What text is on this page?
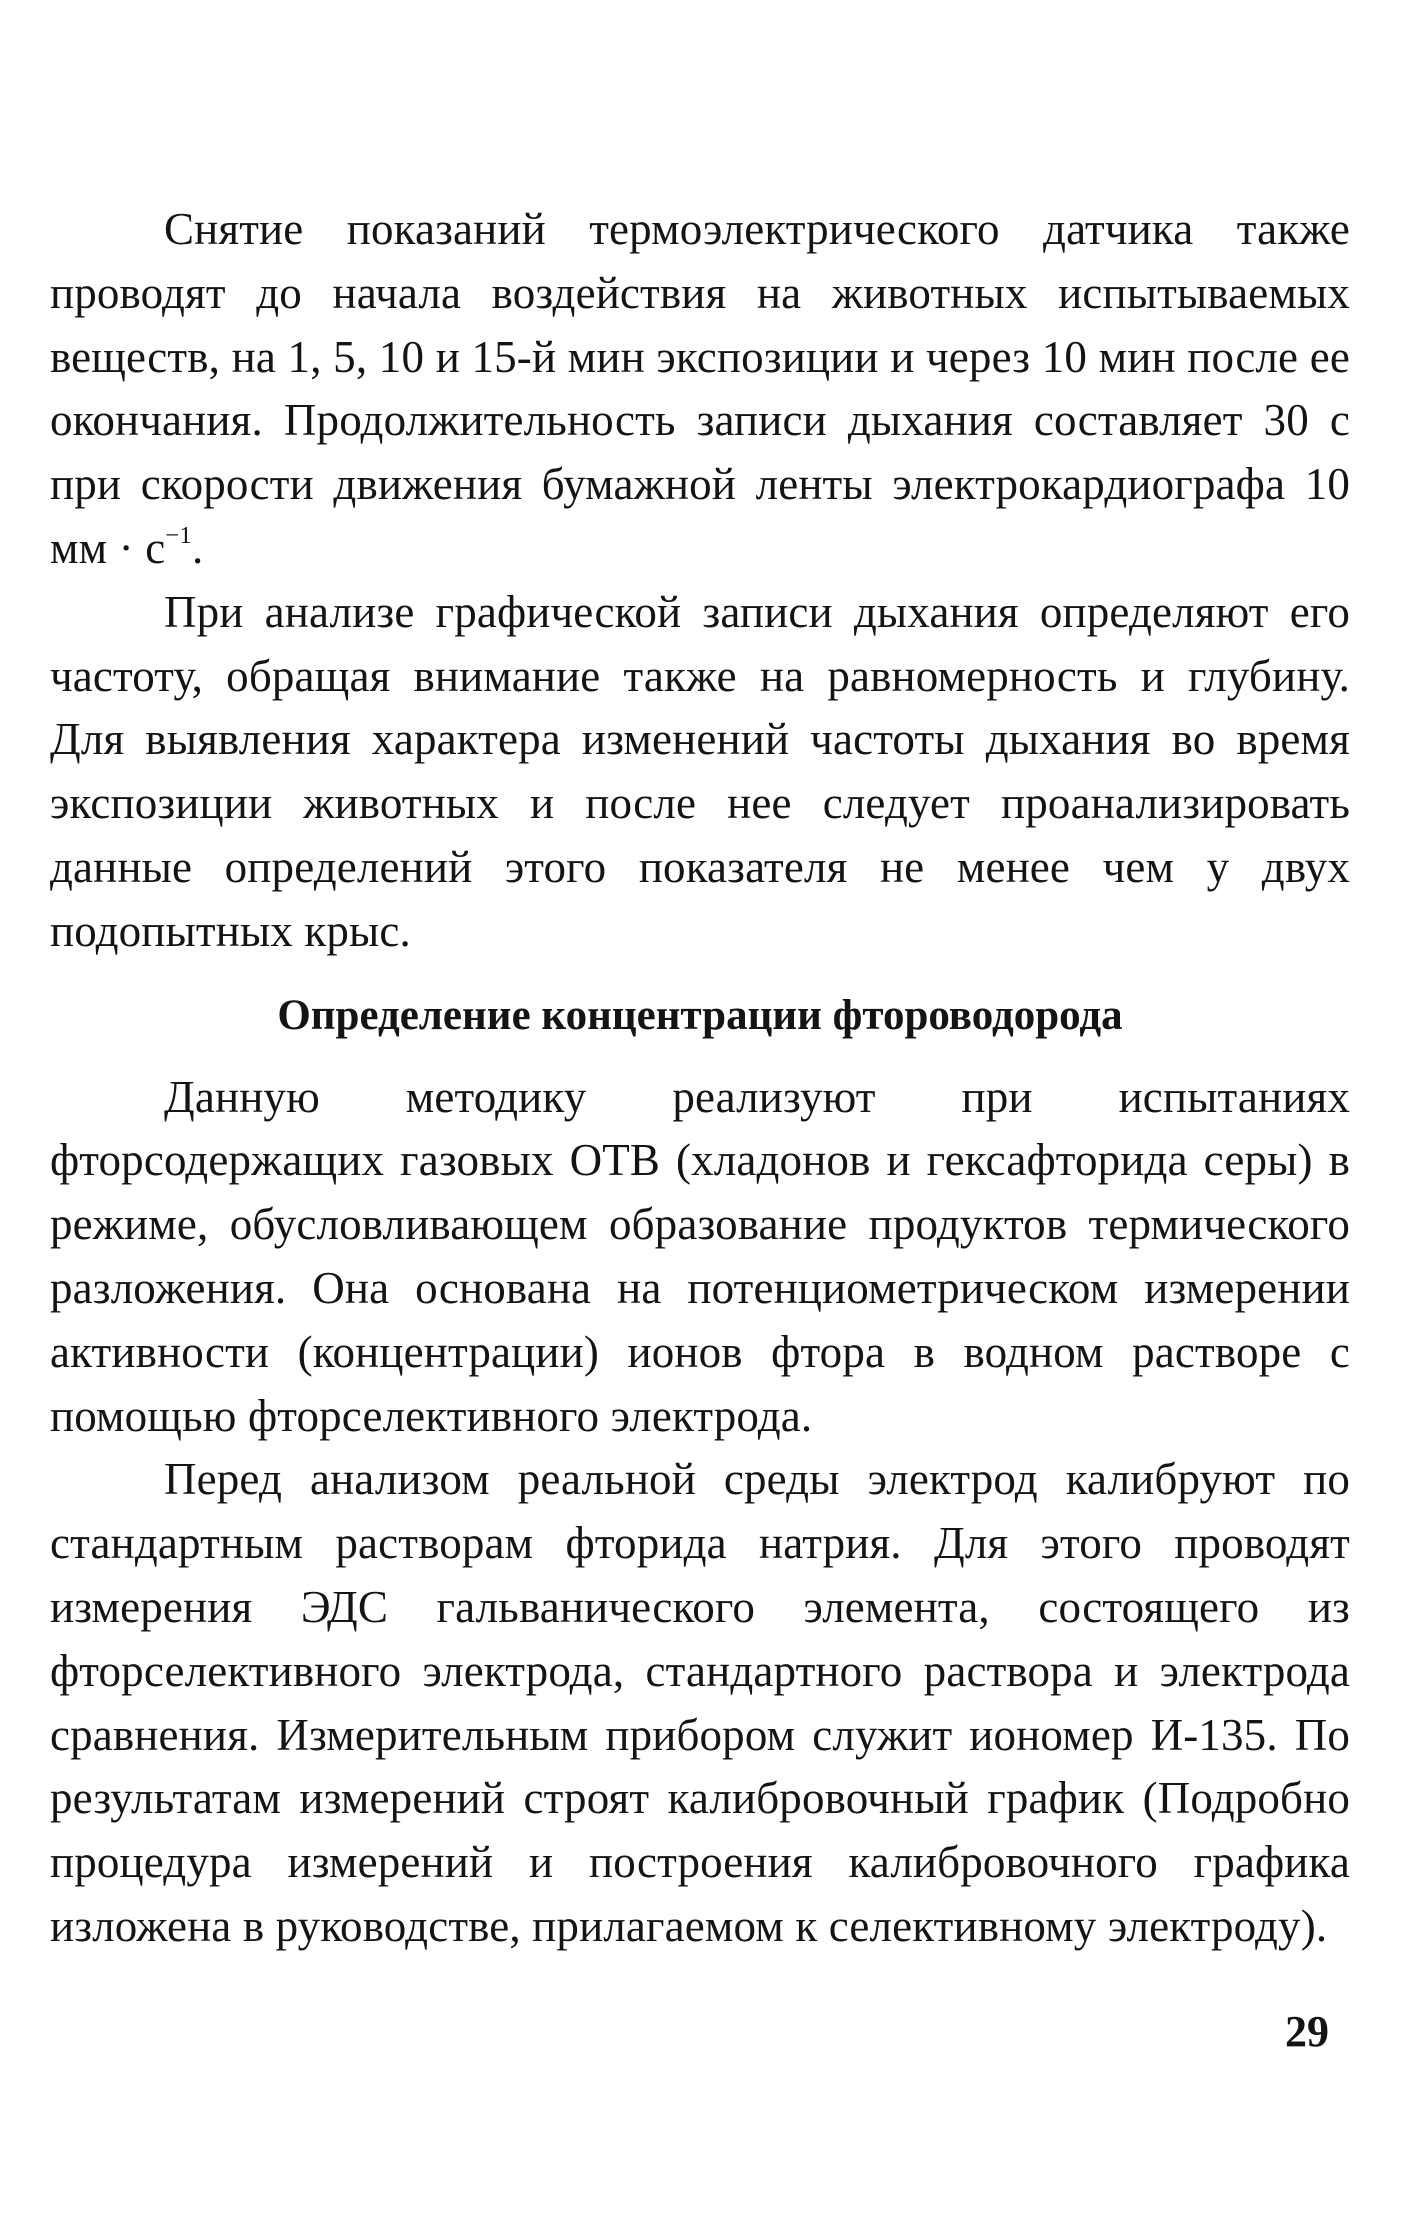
Снятие показаний термоэлектрического датчика также проводят до начала воздействия на животных испытываемых веществ, на 1, 5, 10 и 15-й мин экспозиции и через 10 мин после ее окончания. Продолжительность записи дыхания составляет 30 с при скорости движения бумажной ленты электрокардиографа 10 мм · $с^{-1}$.

При анализе графической записи дыхания определяют его частоту, обращая внимание также на равномерность и глубину. Для выявления характера изменений частоты дыхания во время экспозиции животных и после нее следует проанализировать данные определений этого показателя не менее чем у двух подопытных крыс.

Определение концентрации фтороводорода

Данную методику реализуют при испытаниях фторсодержащих газовых ОТВ (хладонов и гексафторида серы) в режиме, обусловливающем образование продуктов термического разложения. Она основана на потенциометрическом измерении активности (концентрации) ионов фтора в водном растворе с помощью фторселективного электрода.

Перед анализом реальной среды электрод калибруют по стандартным растворам фторида натрия. Для этого проводят измерения ЭДС гальванического элемента, состоящего из фторселективного электрода, стандартного раствора и электрода сравнения. Измерительным прибором служит иономер И-135. По результатам измерений строят калибровочный график (Подробно процедура измерений и построения калибровочного графика изложена в руководстве, прилагаемом к селективному электроду).

29
